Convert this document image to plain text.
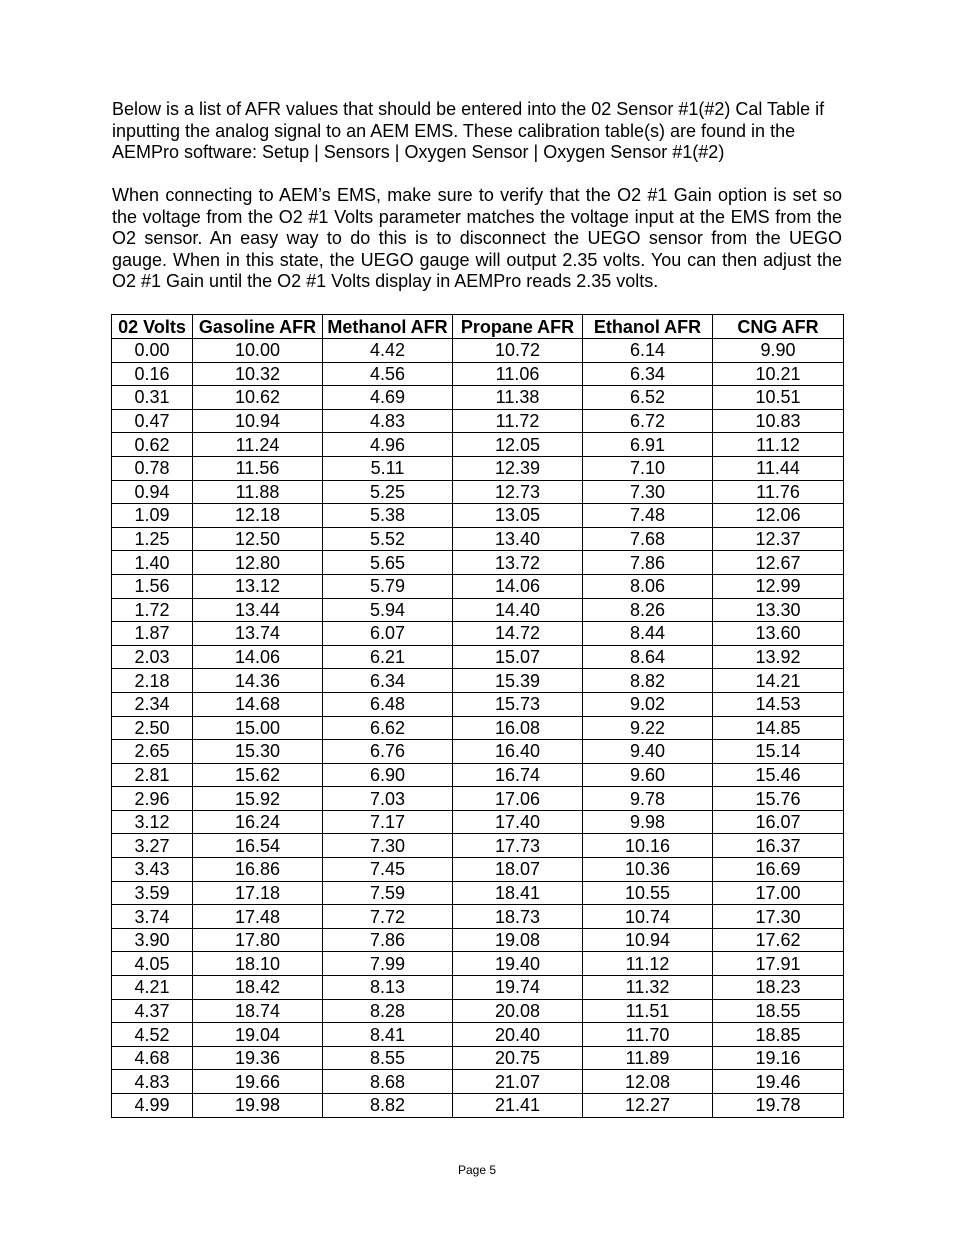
Below is a list of AFR values that should be entered into the 02 Sensor #1(#2) Cal Table if inputting the analog signal to an AEM EMS. These calibration table(s) are found in the AEMPro software: Setup | Sensors | Oxygen Sensor | Oxygen Sensor #1(#2)

When connecting to AEM’s EMS, make sure to verify that the O2 #1 Gain option is set so the voltage from the O2 #1 Volts parameter matches the voltage input at the EMS from the O2 sensor. An easy way to do this is to disconnect the UEGO sensor from the UEGO gauge. When in this state, the UEGO gauge will output 2.35 volts. You can then adjust the O2 #1 Gain until the O2 #1 Volts display in AEMPro reads 2.35 volts.

02 Volts	Gasoline AFR	Methanol AFR	Propane AFR	Ethanol AFR	CNG AFR
0.00	10.00	4.42	10.72	6.14	9.90
0.16	10.32	4.56	11.06	6.34	10.21
0.31	10.62	4.69	11.38	6.52	10.51
0.47	10.94	4.83	11.72	6.72	10.83
0.62	11.24	4.96	12.05	6.91	11.12
0.78	11.56	5.11	12.39	7.10	11.44
0.94	11.88	5.25	12.73	7.30	11.76
1.09	12.18	5.38	13.05	7.48	12.06
1.25	12.50	5.52	13.40	7.68	12.37
1.40	12.80	5.65	13.72	7.86	12.67
1.56	13.12	5.79	14.06	8.06	12.99
1.72	13.44	5.94	14.40	8.26	13.30
1.87	13.74	6.07	14.72	8.44	13.60
2.03	14.06	6.21	15.07	8.64	13.92
2.18	14.36	6.34	15.39	8.82	14.21
2.34	14.68	6.48	15.73	9.02	14.53
2.50	15.00	6.62	16.08	9.22	14.85
2.65	15.30	6.76	16.40	9.40	15.14
2.81	15.62	6.90	16.74	9.60	15.46
2.96	15.92	7.03	17.06	9.78	15.76
3.12	16.24	7.17	17.40	9.98	16.07
3.27	16.54	7.30	17.73	10.16	16.37
3.43	16.86	7.45	18.07	10.36	16.69
3.59	17.18	7.59	18.41	10.55	17.00
3.74	17.48	7.72	18.73	10.74	17.30
3.90	17.80	7.86	19.08	10.94	17.62
4.05	18.10	7.99	19.40	11.12	17.91
4.21	18.42	8.13	19.74	11.32	18.23
4.37	18.74	8.28	20.08	11.51	18.55
4.52	19.04	8.41	20.40	11.70	18.85
4.68	19.36	8.55	20.75	11.89	19.16
4.83	19.66	8.68	21.07	12.08	19.46
4.99	19.98	8.82	21.41	12.27	19.78
Page 5
